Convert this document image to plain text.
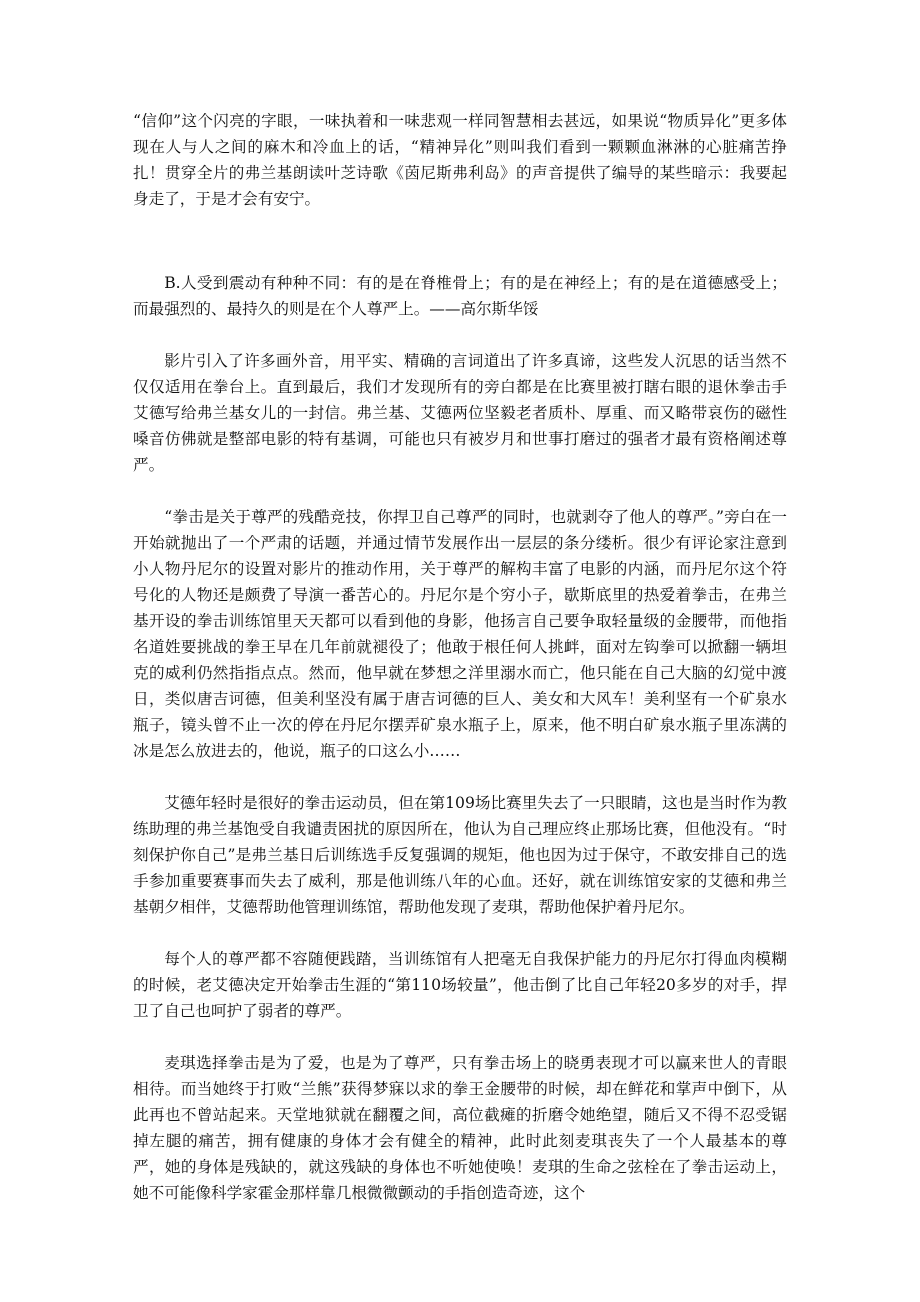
“信仰”这个闪亮的字眼，一味执着和一味悲观一样同智慧相去甚远，如果说“物质异化”更多体现在人与人之间的麻木和冷血上的话，“精神异化”则叫我们看到一颗颗血淋淋的心脏痛苦挣扎！贯穿全片的弗兰基朗读叶芝诗歌《茵尼斯弗利岛》的声音提供了编导的某些暗示：我要起身走了，于是才会有安宁。

B.人受到震动有种种不同：有的是在脊椎骨上；有的是在神经上；有的是在道德感受上；而最强烈的、最持久的则是在个人尊严上。——高尔斯华馁

影片引入了许多画外音，用平实、精确的言词道出了许多真谛，这些发人沉思的话当然不仅仅适用在拳台上。直到最后，我们才发现所有的旁白都是在比赛里被打瞎右眼的退休拳击手艾德写给弗兰基女儿的一封信。弗兰基、艾德两位坚毅老者质朴、厚重、而又略带哀伤的磁性嗓音仿佛就是整部电影的特有基调，可能也只有被岁月和世事打磨过的强者才最有资格阐述尊严。

“拳击是关于尊严的残酷竞技，你捍卫自己尊严的同时，也就剥夺了他人的尊严。”旁白在一开始就抛出了一个严肃的话题，并通过情节发展作出一层层的条分缕析。很少有评论家注意到小人物丹尼尔的设置对影片的推动作用，关于尊严的解构丰富了电影的内涵，而丹尼尔这个符号化的人物还是颇费了导演一番苦心的。丹尼尔是个穷小子，歇斯底里的热爱着拳击，在弗兰基开设的拳击训练馆里天天都可以看到他的身影，他扬言自己要争取轻量级的金腰带，而他指名道姓要挑战的拳王早在几年前就褪役了；他敢于根任何人挑衅，面对左钩拳可以掀翻一辆坦克的威利仍然指指点点。然而，他早就在梦想之洋里溺水而亡，他只能在自己大脑的幻觉中渡日，类似唐吉诃德，但美利坚没有属于唐吉诃德的巨人、美女和大风车！美利坚有一个矿泉水瓶子，镜头曾不止一次的停在丹尼尔摆弄矿泉水瓶子上，原来，他不明白矿泉水瓶子里冻满的冰是怎么放进去的，他说，瓶子的口这么小……

艾德年轻时是很好的拳击运动员，但在第109场比赛里失去了一只眼睛，这也是当时作为教练助理的弗兰基饱受自我谴责困扰的原因所在，他认为自己理应终止那场比赛，但他没有。“时刻保护你自己”是弗兰基日后训练选手反复强调的规矩，他也因为过于保守，不敢安排自己的选手参加重要赛事而失去了威利，那是他训练八年的心血。还好，就在训练馆安家的艾德和弗兰基朝夕相伴，艾德帮助他管理训练馆，帮助他发现了麦琪，帮助他保护着丹尼尔。

每个人的尊严都不容随便践踏，当训练馆有人把毫无自我保护能力的丹尼尔打得血肉模糊的时候，老艾德决定开始拳击生涯的“第110场较量”，他击倒了比自己年轻20多岁的对手，捍卫了自己也呵护了弱者的尊严。

麦琪选择拳击是为了爱，也是为了尊严，只有拳击场上的晓勇表现才可以赢来世人的青眼相待。而当她终于打败“兰熊”获得梦寐以求的拳王金腰带的时候，却在鲜花和掌声中倒下，从此再也不曾站起来。天堂地狱就在翻覆之间，高位截瘫的折磨令她绝望，随后又不得不忍受锯掉左腿的痛苦，拥有健康的身体才会有健全的精神，此时此刻麦琪丧失了一个人最基本的尊严，她的身体是残缺的，就这残缺的身体也不听她使唤！麦琪的生命之弦栓在了拳击运动上，她不可能像科学家霍金那样靠几根微微颤动的手指创造奇迹，这个
